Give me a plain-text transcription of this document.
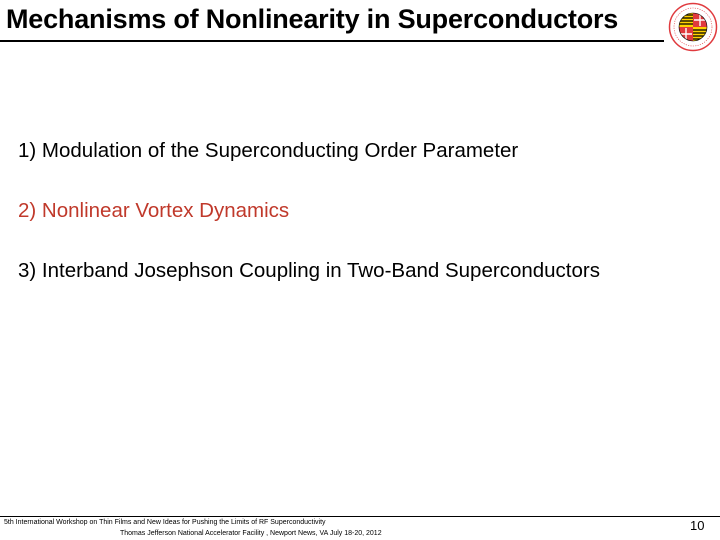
Mechanisms of Nonlinearity in Superconductors
1) Modulation of the Superconducting Order Parameter
2) Nonlinear Vortex Dynamics
3) Interband Josephson Coupling in Two-Band Superconductors
5th International Workshop on Thin Films and New Ideas for Pushing the Limits of RF Superconductivity
Thomas Jefferson National Accelerator Facility , Newport News, VA July 18-20, 2012
10
